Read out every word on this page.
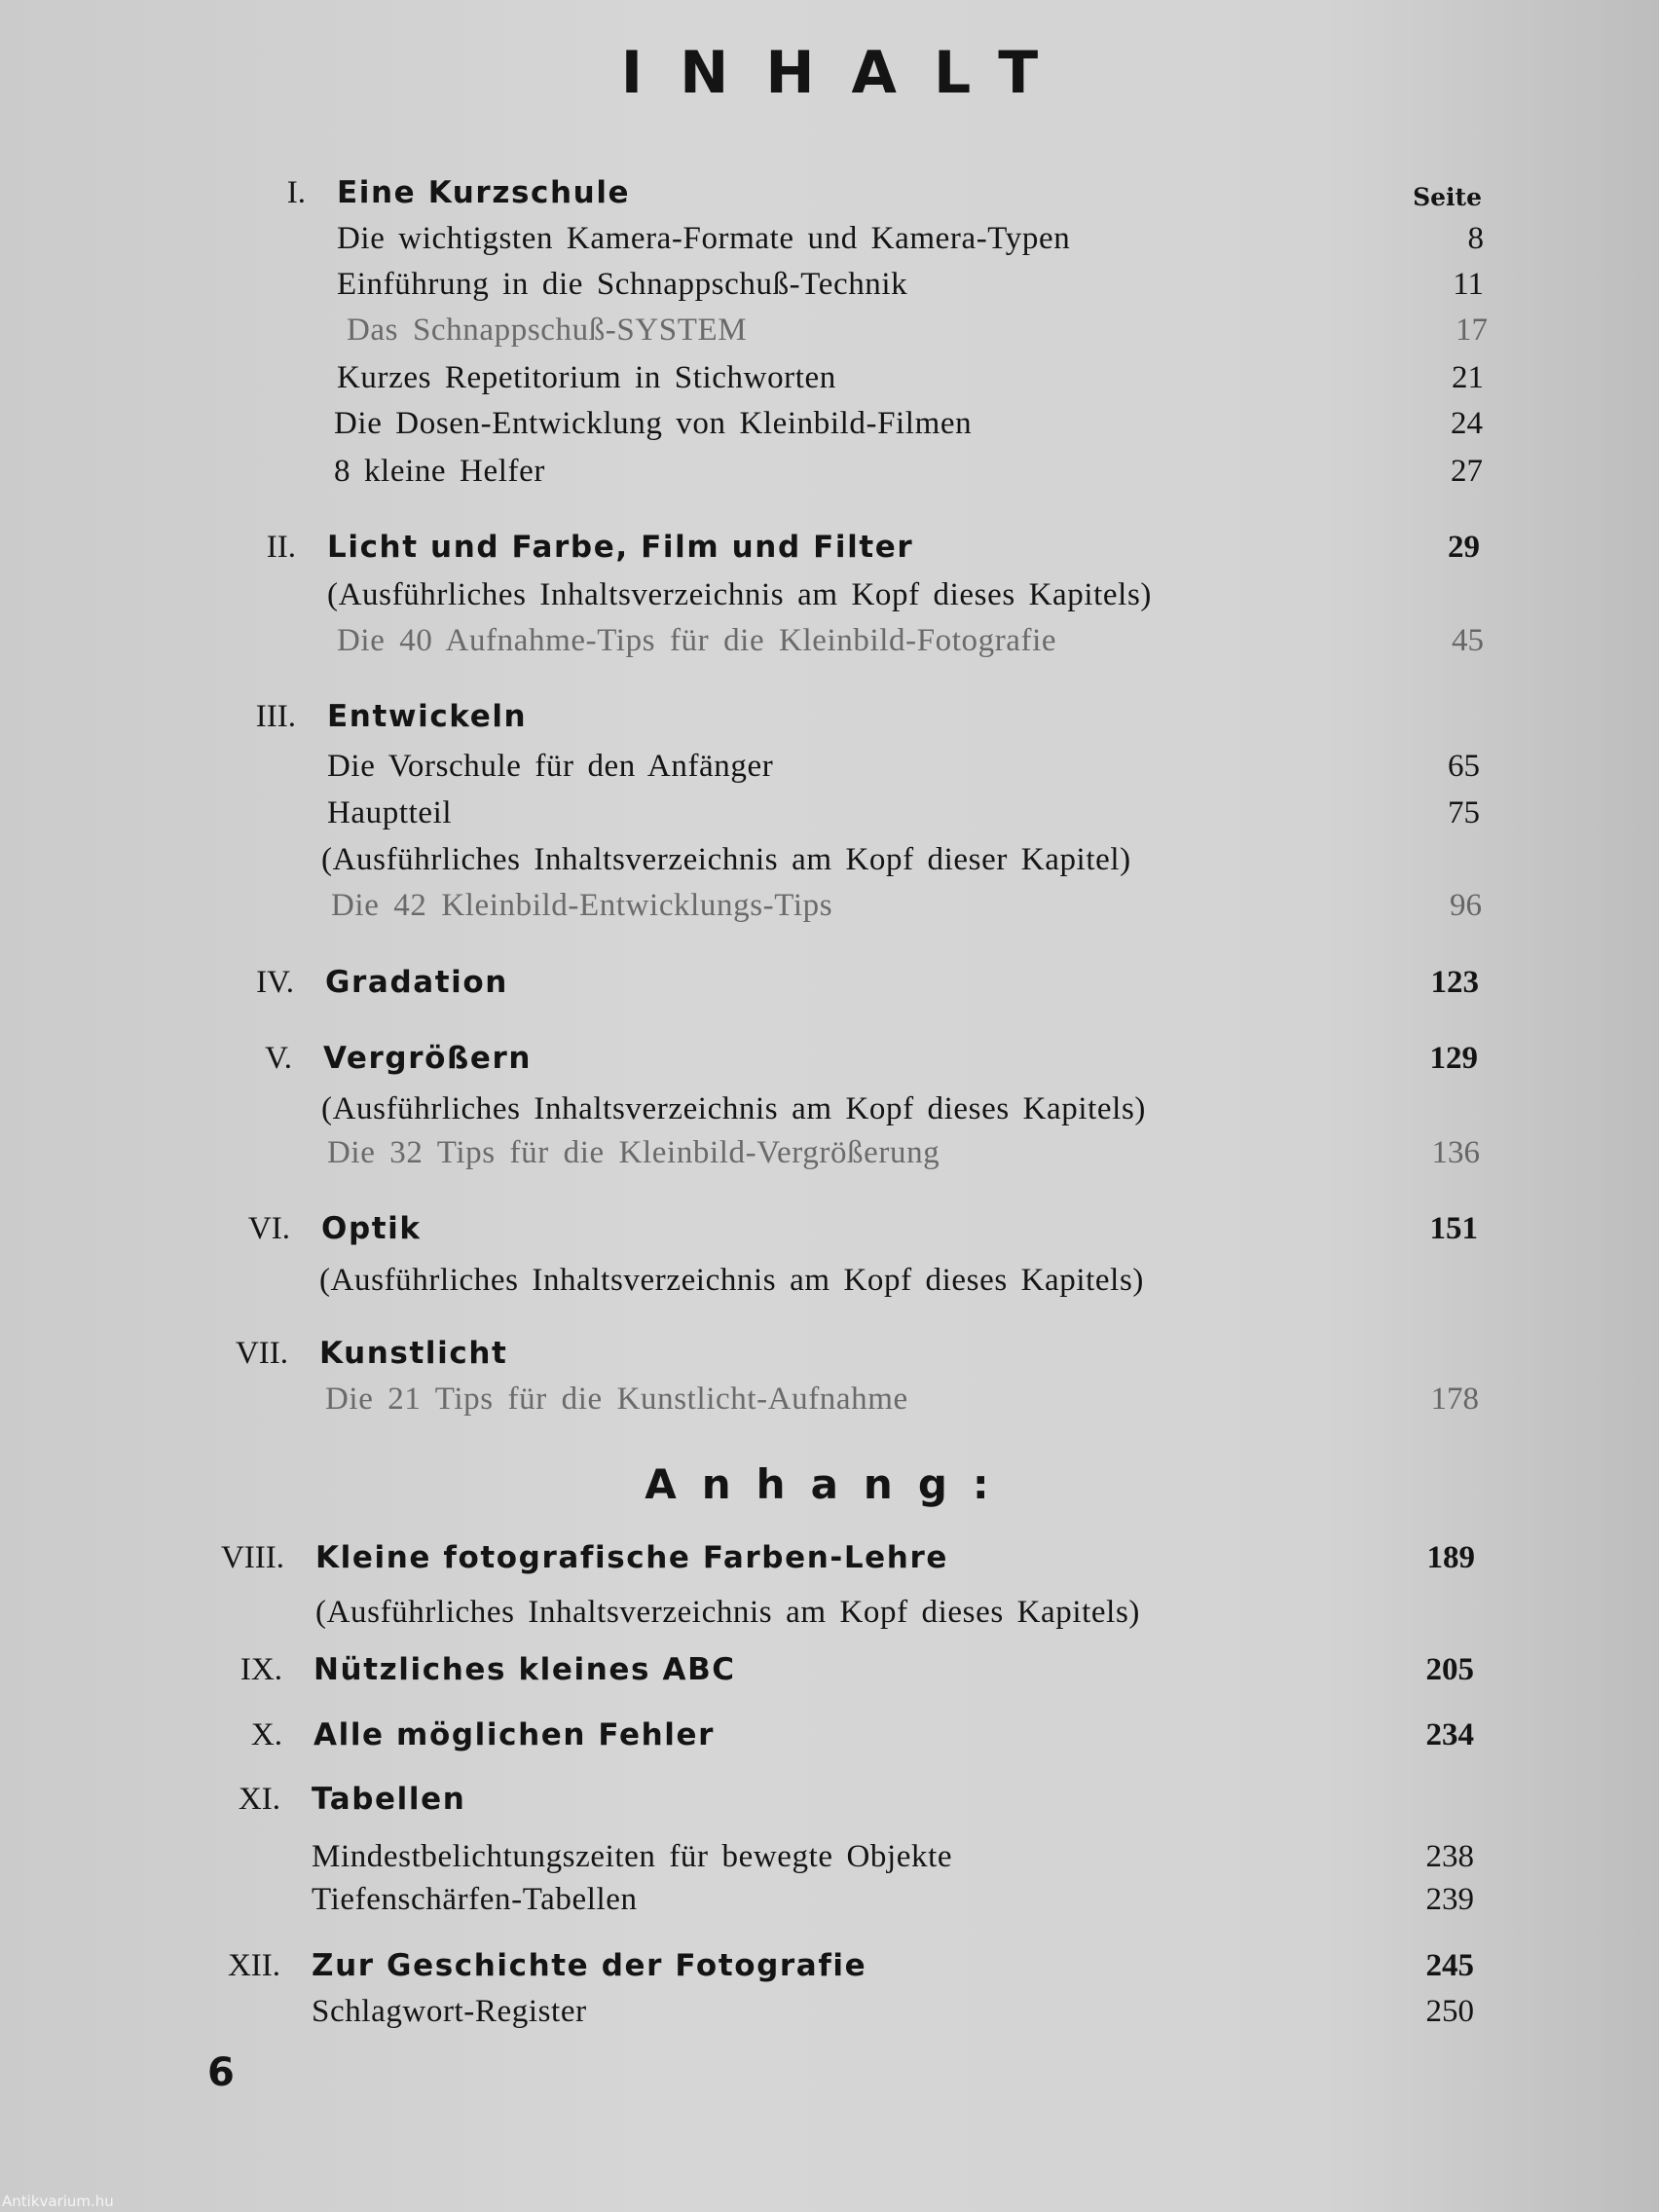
INHALT
Seite
I. Eine Kurzschule
Die wichtigsten Kamera-Formate und Kamera-Typen	8
Einführung in die Schnappschuß-Technik	11
Das Schnappschuß-SYSTEM	17
Kurzes Repetitorium in Stichworten	21
Die Dosen-Entwicklung von Kleinbild-Filmen	24
8 kleine Helfer	27
II. Licht und Farbe, Film und Filter	29
(Ausführliches Inhaltsverzeichnis am Kopf dieses Kapitels)
Die 40 Aufnahme-Tips für die Kleinbild-Fotografie	45
III. Entwickeln
Die Vorschule für den Anfänger	65
Hauptteil	75
(Ausführliches Inhaltsverzeichnis am Kopf dieser Kapitel)
Die 42 Kleinbild-Entwicklungs-Tips	96
IV. Gradation	123
V. Vergrößern	129
(Ausführliches Inhaltsverzeichnis am Kopf dieses Kapitels)
Die 32 Tips für die Kleinbild-Vergrößerung	136
VI. Optik	151
(Ausführliches Inhaltsverzeichnis am Kopf dieses Kapitels)
VII. Kunstlicht
Die 21 Tips für die Kunstlicht-Aufnahme	178
VIII. Kleine fotografische Farben-Lehre	189
(Ausführliches Inhaltsverzeichnis am Kopf dieses Kapitels)
IX. Nützliches kleines ABC	205
X. Alle möglichen Fehler	234
XI. Tabellen
Mindestbelichtungszeiten für bewegte Objekte	238
Tiefenschärfen-Tabellen	239
XII. Zur Geschichte der Fotografie	245
Schlagwort-Register	250
Anhang:
6
Antikvarium.hu
